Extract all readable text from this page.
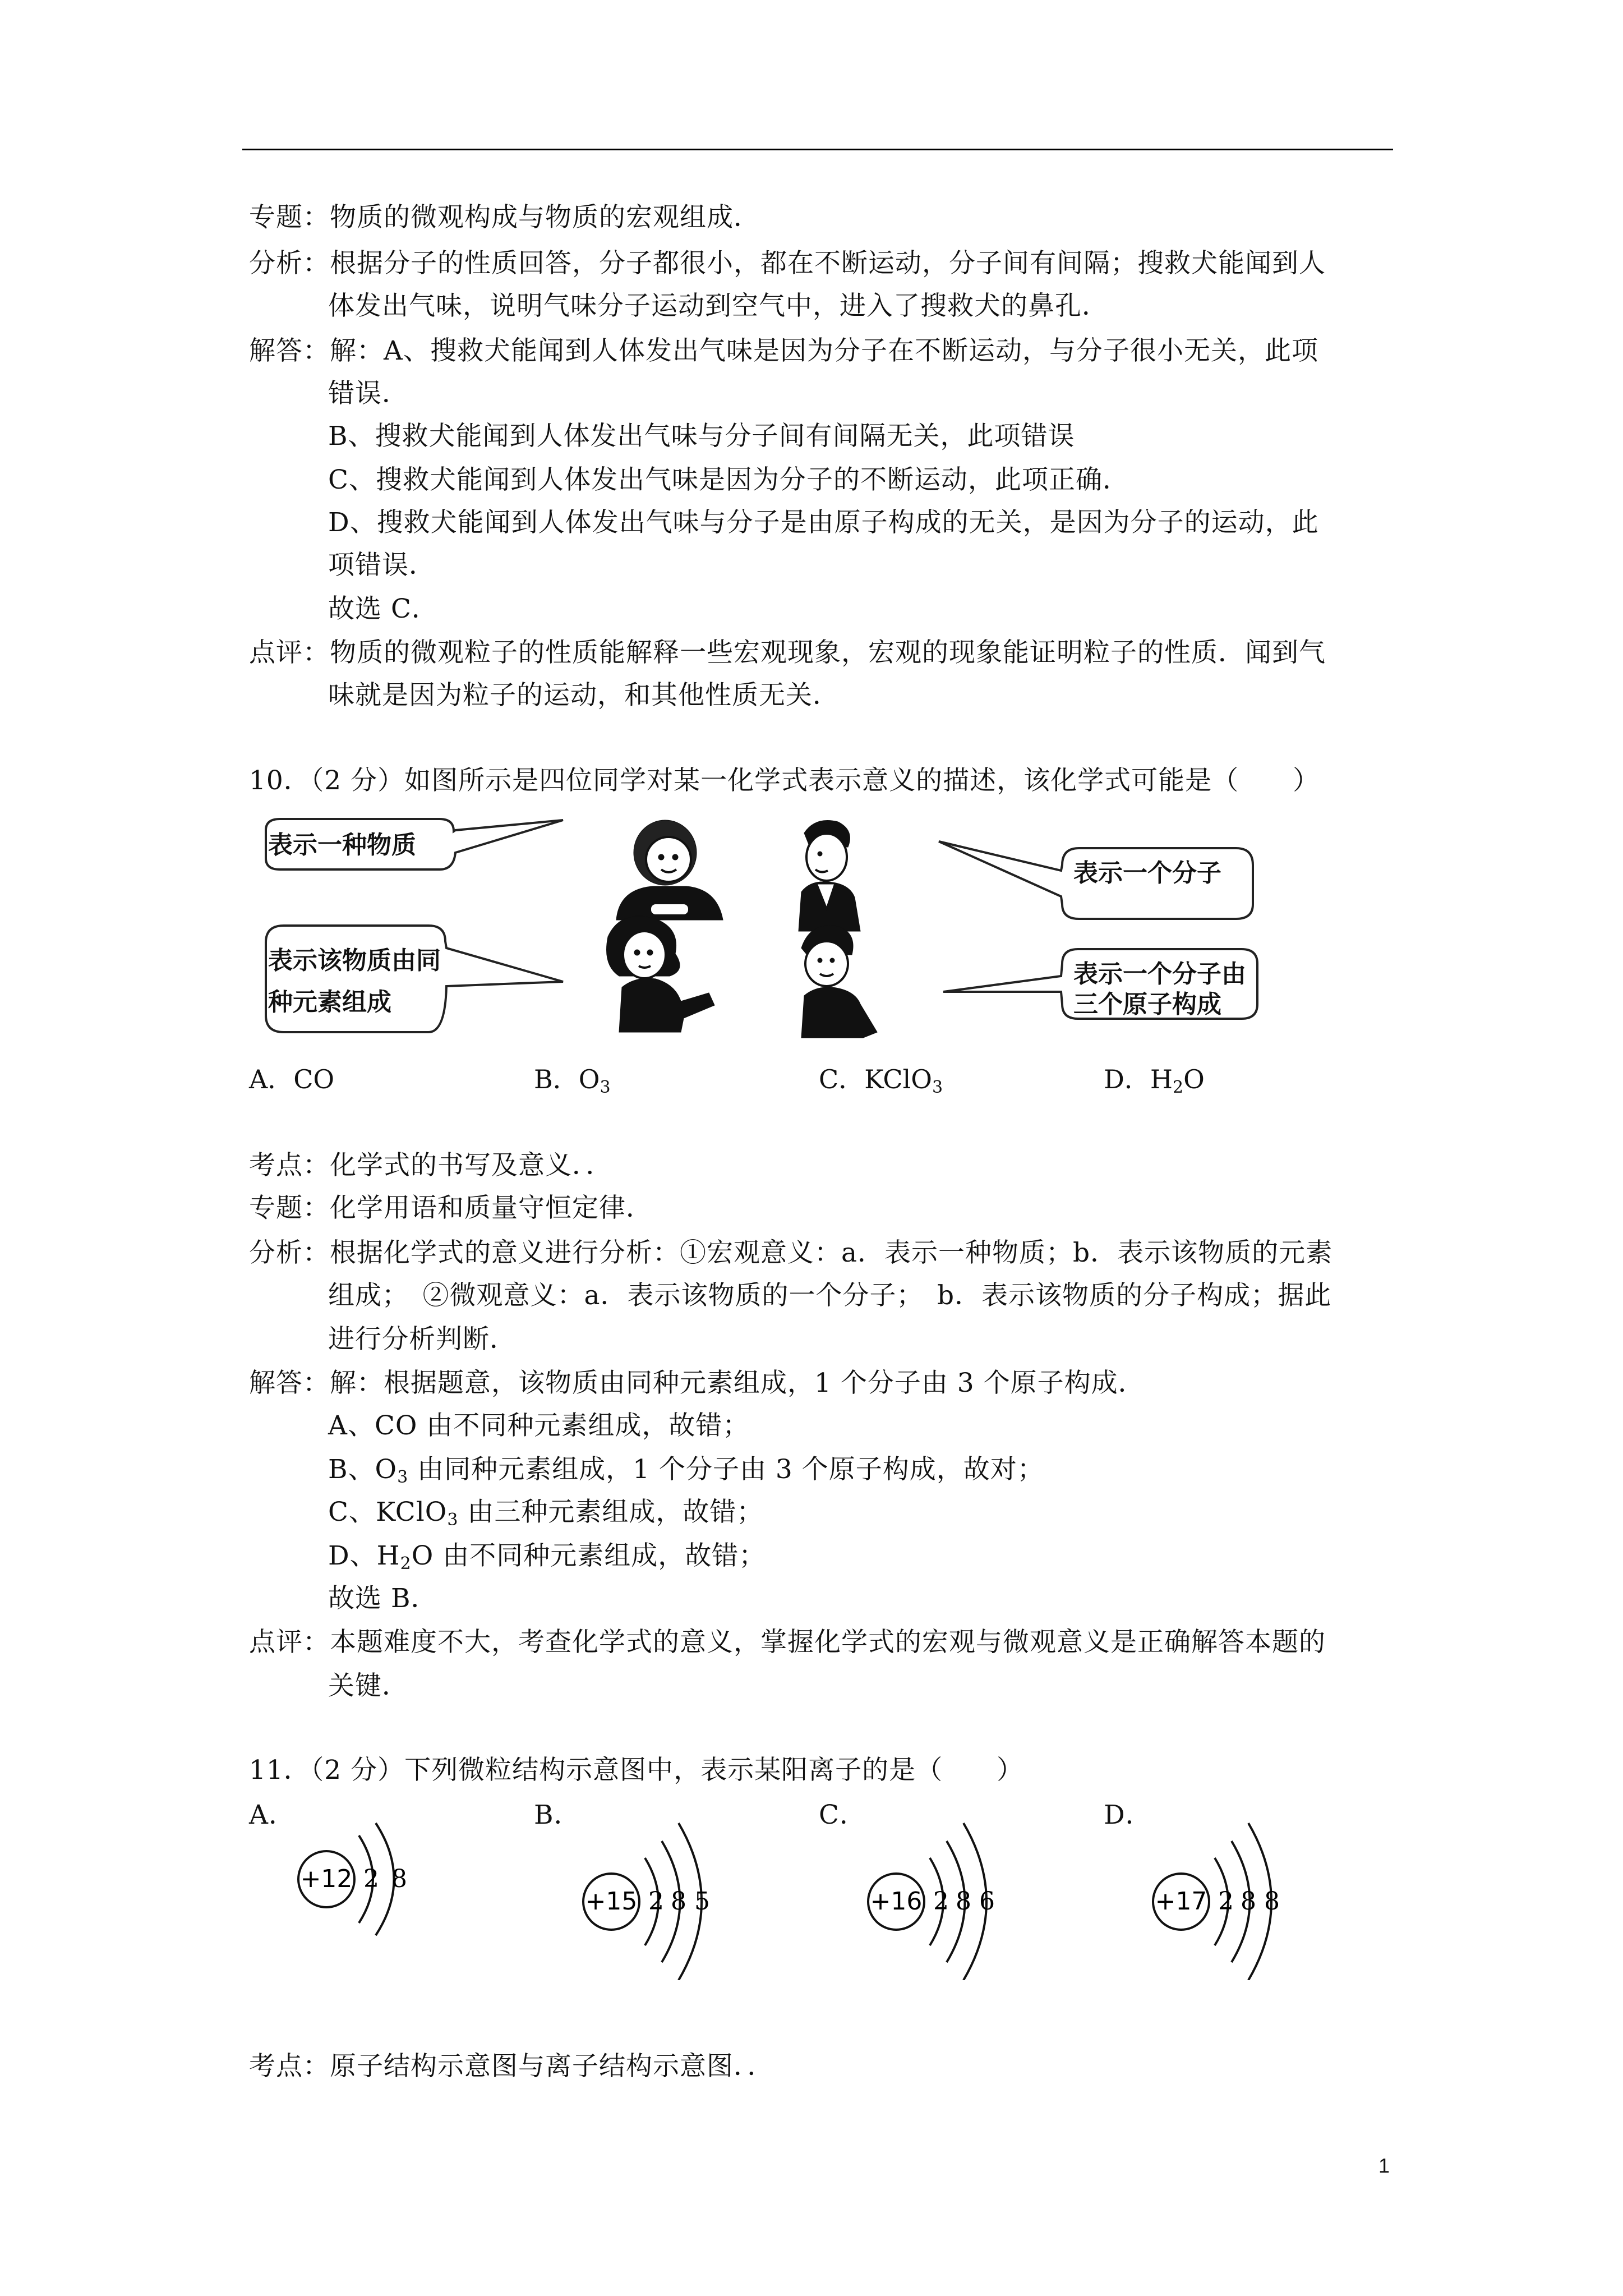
专题：物质的微观构成与物质的宏观组成．
分析：根据分子的性质回答，分子都很小，都在不断运动，分子间有间隔；搜救犬能闻到人
体发出气味，说明气味分子运动到空气中，进入了搜救犬的鼻孔．
解答：解：A、搜救犬能闻到人体发出气味是因为分子在不断运动，与分子很小无关，此项
错误．
B、搜救犬能闻到人体发出气味与分子间有间隔无关，此项错误
C、搜救犬能闻到人体发出气味是因为分子的不断运动，此项正确．
D、搜救犬能闻到人体发出气味与分子是由原子构成的无关，是因为分子的运动，此
项错误．
故选 C．
点评：物质的微观粒子的性质能解释一些宏观现象，宏观的现象能证明粒子的性质．闻到气
味就是因为粒子的运动，和其他性质无关．
10．（2 分）如图所示是四位同学对某一化学式表示意义的描述，该化学式可能是（　　）
表示一种物质
表示该物质由同
种元素组成
表示一个分子
表示一个分子由
三个原子构成
A．CO	B．$O_3$	C．KClO$_3$	D．$H_2O$
考点：化学式的书写及意义．．
专题：化学用语和质量守恒定律．
分析：根据化学式的意义进行分析：①宏观意义：a．表示一种物质；b．表示该物质的元素
组成；　②微观意义：a．表示该物质的一个分子；　b．表示该物质的分子构成；据此
进行分析判断．
解答：解：根据题意，该物质由同种元素组成，1 个分子由 3 个原子构成．
A、CO 由不同种元素组成，故错；
B、$O_3$ 由同种元素组成，1 个分子由 3 个原子构成，故对；
C、KClO$_3$ 由三种元素组成，故错；
D、$H_2O$ 由不同种元素组成，故错；
故选 B．
点评：本题难度不大，考查化学式的意义，掌握化学式的宏观与微观意义是正确解答本题的
关键．
11．（2 分）下列微粒结构示意图中，表示某阳离子的是（　　）
A．	B．	C．	D．
+12 2 8
+15 2 8 5	+16 2 8 6	+17 2 8 8
考点：原子结构示意图与离子结构示意图．．
1
